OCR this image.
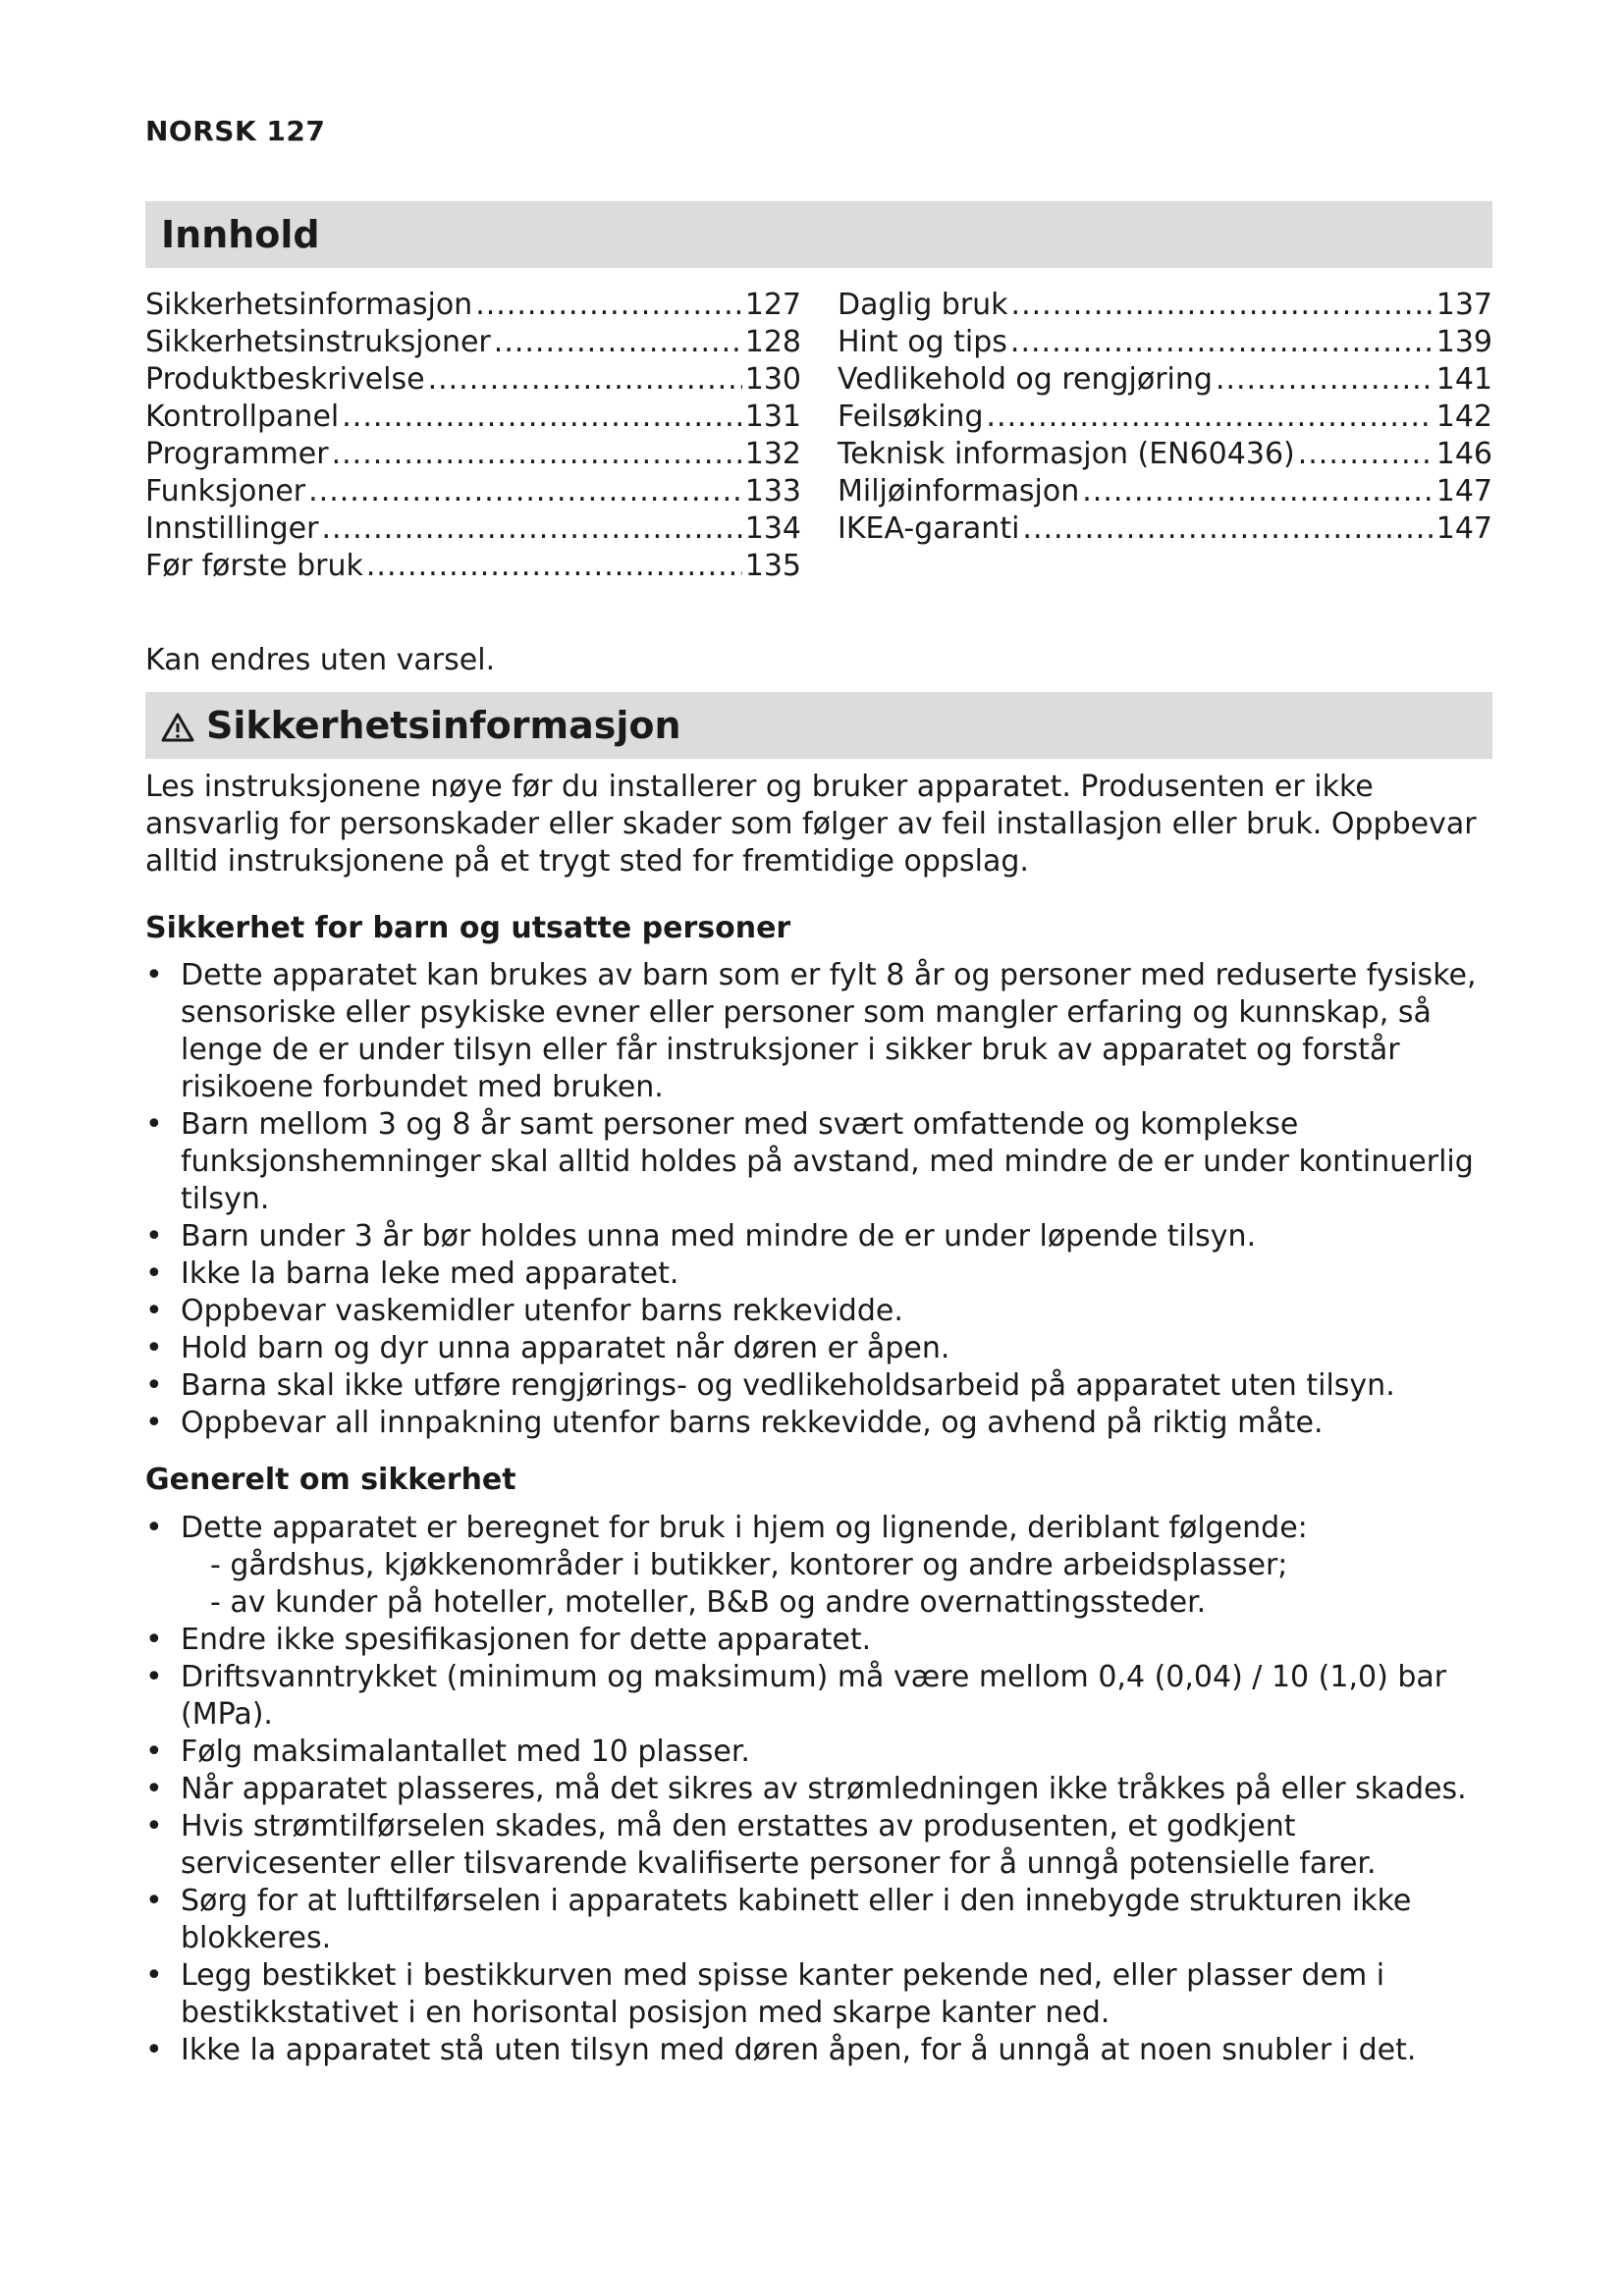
NORSK 127
Innhold
Sikkerhetsinformasjon .....	127
Sikkerhetsinstruksjoner .....	128
Produktbeskrivelse .....	130
Kontrollpanel .....	131
Programmer .....	132
Funksjoner .....	133
Innstillinger .....	134
Før første bruk .....	135
Daglig bruk .....	137
Hint og tips .....	139
Vedlikehold og rengjøring .....	141
Feilsøking .....	142
Teknisk informasjon (EN60436) .....	146
Miljøinformasjon .....	147
IKEA-garanti .....	147
Kan endres uten varsel.
Sikkerhetsinformasjon
Les instruksjonene nøye før du installerer og bruker apparatet. Produsenten er ikke ansvarlig for personskader eller skader som følger av feil installasjon eller bruk. Oppbevar alltid instruksjonene på et trygt sted for fremtidige oppslag.
Sikkerhet for barn og utsatte personer
• Dette apparatet kan brukes av barn som er fylt 8 år og personer med reduserte fysiske, sensoriske eller psykiske evner eller personer som mangler erfaring og kunnskap, så lenge de er under tilsyn eller får instruksjoner i sikker bruk av apparatet og forstår risikoene forbundet med bruken.
• Barn mellom 3 og 8 år samt personer med svært omfattende og komplekse funksjonshemninger skal alltid holdes på avstand, med mindre de er under kontinuerlig tilsyn.
• Barn under 3 år bør holdes unna med mindre de er under løpende tilsyn.
• Ikke la barna leke med apparatet.
• Oppbevar vaskemidler utenfor barns rekkevidde.
• Hold barn og dyr unna apparatet når døren er åpen.
• Barna skal ikke utføre rengjørings- og vedlikeholdsarbeid på apparatet uten tilsyn.
• Oppbevar all innpakning utenfor barns rekkevidde, og avhend på riktig måte.
Generelt om sikkerhet
• Dette apparatet er beregnet for bruk i hjem og lignende, deriblant følgende:
- gårdshus, kjøkkenområder i butikker, kontorer og andre arbeidsplasser;
- av kunder på hoteller, moteller, B&B og andre overnattingssteder.
• Endre ikke spesifikasjonen for dette apparatet.
• Driftsvanntrykket (minimum og maksimum) må være mellom 0,4 (0,04) / 10 (1,0) bar (MPa).
• Følg maksimalantallet med 10 plasser.
• Når apparatet plasseres, må det sikres av strømledningen ikke tråkkes på eller skades.
• Hvis strømtilførselen skades, må den erstattes av produsenten, et godkjent servicesenter eller tilsvarende kvalifiserte personer for å unngå potensielle farer.
• Sørg for at lufttilførselen i apparatets kabinett eller i den innebygde strukturen ikke blokkeres.
• Legg bestikket i bestikkurven med spisse kanter pekende ned, eller plasser dem i bestikkstativet i en horisontal posisjon med skarpe kanter ned.
• Ikke la apparatet stå uten tilsyn med døren åpen, for å unngå at noen snubler i det.
